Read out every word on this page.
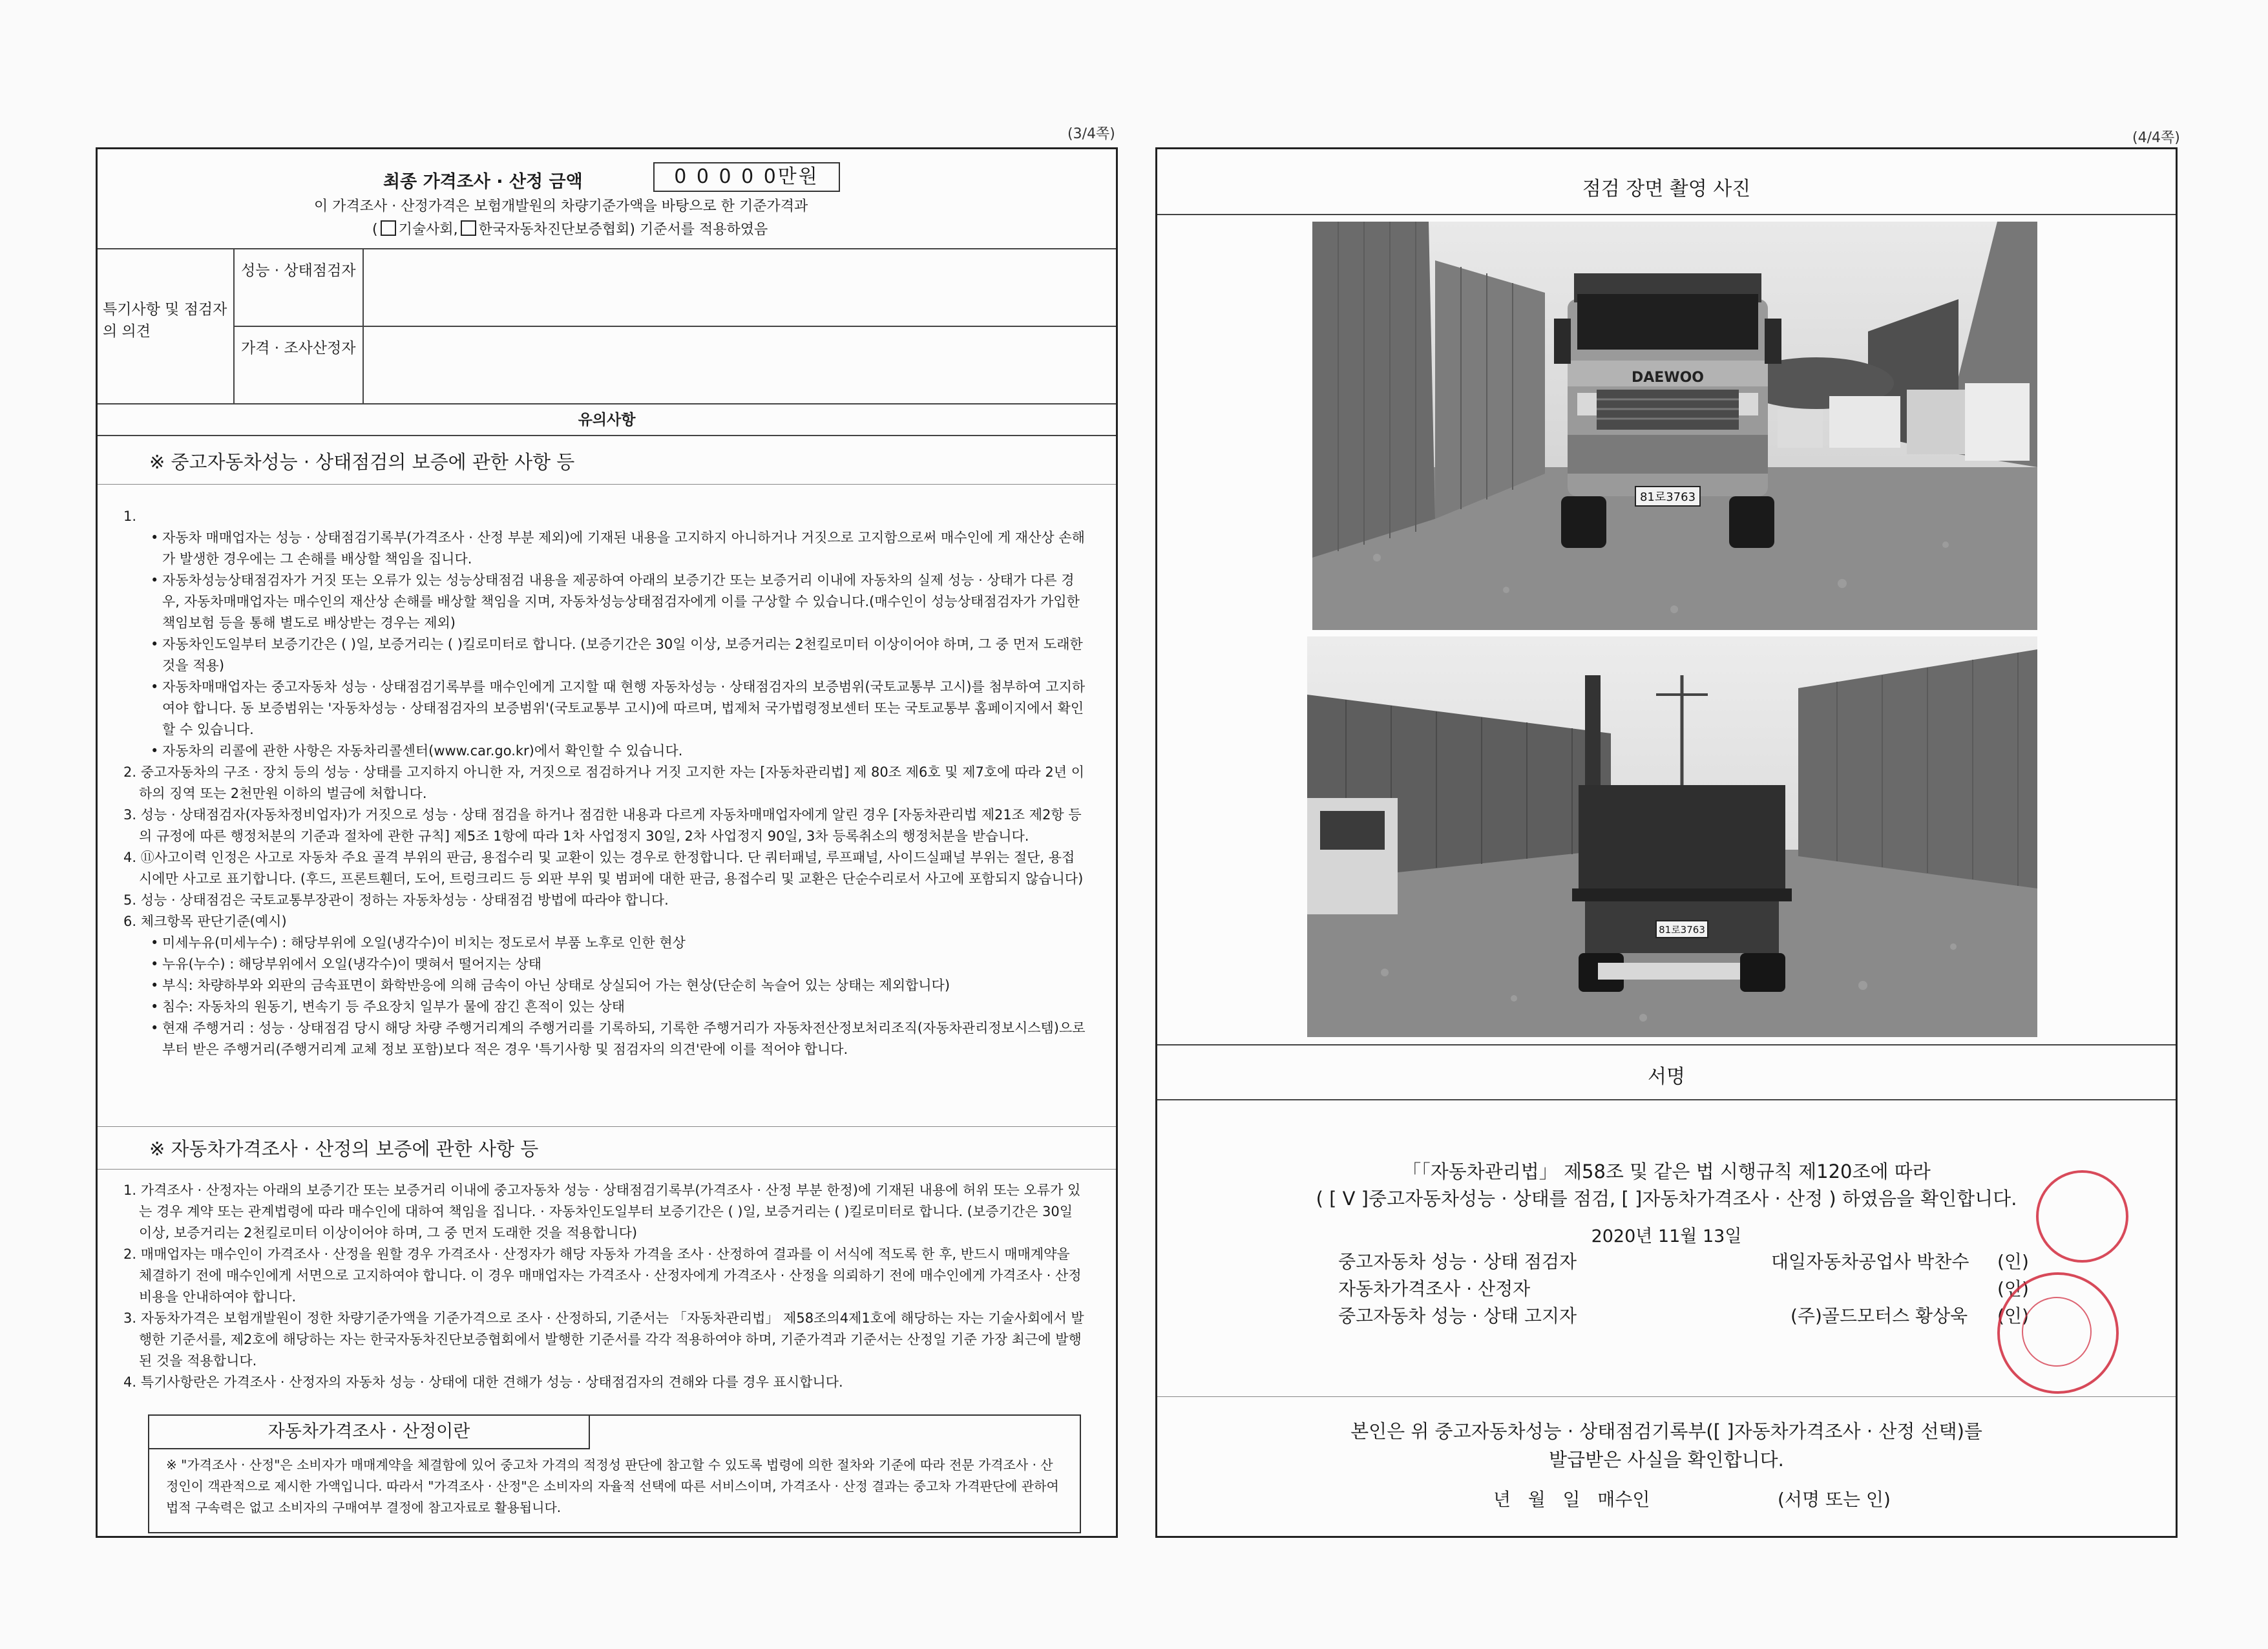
(3/4쪽)	(4/4쪽)
최종 가격조사 · 산정 금액	0 0 0 0 0만원
이 가격조사 · 산정가격은 보험개발원의 차량기준가액을 바탕으로 한 기준가격과
( 기술사회, 한국자동차진단보증협회) 기준서를 적용하였음
특기사항 및 점검자의 의견
성능 · 상태점검자
가격 · 조사산정자
유의사항
※ 중고자동차성능 · 상태점검의 보증에 관한 사항 등
1.
• 자동차 매매업자는 성능 · 상태점검기록부(가격조사 · 산정 부분 제외)에 기재된 내용을 고지하지 아니하거나 거짓으로 고지함으로써 매수인에 게 재산상 손해가 발생한 경우에는 그 손해를 배상할 책임을 집니다.
• 자동차성능상태점검자가 거짓 또는 오류가 있는 성능상태점검 내용을 제공하여 아래의 보증기간 또는 보증거리 이내에 자동차의 실제 성능 · 상태가 다른 경우, 자동차매매업자는 매수인의 재산상 손해를 배상할 책임을 지며, 자동차성능상태점검자에게 이를 구상할 수 있습니다.(매수인이 성능상태점검자가 가입한 책임보험 등을 통해 별도로 배상받는 경우는 제외)
• 자동차인도일부터 보증기간은 ( )일, 보증거리는 ( )킬로미터로 합니다. (보증기간은 30일 이상, 보증거리는 2천킬로미터 이상이어야 하며, 그 중 먼저 도래한 것을 적용)
• 자동차매매업자는 중고자동차 성능 · 상태점검기록부를 매수인에게 고지할 때 현행 자동차성능 · 상태점검자의 보증범위(국토교통부 고시)를 첨부하여 고지하여야 합니다. 동 보증범위는 '자동차성능 · 상태점검자의 보증범위'(국토교통부 고시)에 따르며, 법제처 국가법령정보센터 또는 국토교통부 홈페이지에서 확인할 수 있습니다.
• 자동차의 리콜에 관한 사항은 자동차리콜센터(www.car.go.kr)에서 확인할 수 있습니다.
2. 중고자동차의 구조 · 장치 등의 성능 · 상태를 고지하지 아니한 자, 거짓으로 점검하거나 거짓 고지한 자는 [자동차관리법] 제 80조 제6호 및 제7호에 따라 2년 이하의 징역 또는 2천만원 이하의 벌금에 처합니다.
3. 성능 · 상태점검자(자동차정비업자)가 거짓으로 성능 · 상태 점검을 하거나 점검한 내용과 다르게 자동차매매업자에게 알린 경우 [자동차관리법 제21조 제2항 등의 규정에 따른 행정처분의 기준과 절차에 관한 규칙] 제5조 1항에 따라 1차 사업정지 30일, 2차 사업정지 90일, 3차 등록취소의 행정처분을 받습니다.
4. ⑪사고이력 인정은 사고로 자동차 주요 골격 부위의 판금, 용접수리 및 교환이 있는 경우로 한정합니다. 단 쿼터패널, 루프패널, 사이드실패널 부위는 절단, 용접 시에만 사고로 표기합니다. (후드, 프론트휀더, 도어, 트렁크리드 등 외판 부위 및 범퍼에 대한 판금, 용접수리 및 교환은 단순수리로서 사고에 포함되지 않습니다)
5. 성능 · 상태점검은 국토교통부장관이 정하는 자동차성능 · 상태점검 방법에 따라야 합니다.
6. 체크항목 판단기준(예시)
• 미세누유(미세누수) : 해당부위에 오일(냉각수)이 비치는 정도로서 부품 노후로 인한 현상
• 누유(누수) : 해당부위에서 오일(냉각수)이 맺혀서 떨어지는 상태
• 부식: 차량하부와 외판의 금속표면이 화학반응에 의해 금속이 아닌 상태로 상실되어 가는 현상(단순히 녹슬어 있는 상태는 제외합니다)
• 침수: 자동차의 원동기, 변속기 등 주요장치 일부가 물에 잠긴 흔적이 있는 상태
• 현재 주행거리 : 성능 · 상태점검 당시 해당 차량 주행거리계의 주행거리를 기록하되, 기록한 주행거리가 자동차전산정보처리조직(자동차관리정보시스템)으로부터 받은 주행거리(주행거리계 교체 정보 포함)보다 적은 경우 '특기사항 및 점검자의 의견'란에 이를 적어야 합니다.
※ 자동차가격조사 · 산정의 보증에 관한 사항 등
1. 가격조사 · 산정자는 아래의 보증기간 또는 보증거리 이내에 중고자동차 성능 · 상태점검기록부(가격조사 · 산정 부분 한정)에 기재된 내용에 허위 또는 오류가 있는 경우 계약 또는 관계법령에 따라 매수인에 대하여 책임을 집니다. · 자동차인도일부터 보증기간은 ( )일, 보증거리는 ( )킬로미터로 합니다. (보증기간은 30일 이상, 보증거리는 2천킬로미터 이상이어야 하며, 그 중 먼저 도래한 것을 적용합니다)
2. 매매업자는 매수인이 가격조사 · 산정을 원할 경우 가격조사 · 산정자가 해당 자동차 가격을 조사 · 산정하여 결과를 이 서식에 적도록 한 후, 반드시 매매계약을 체결하기 전에 매수인에게 서면으로 고지하여야 합니다. 이 경우 매매업자는 가격조사 · 산정자에게 가격조사 · 산정을 의뢰하기 전에 매수인에게 가격조사 · 산정 비용을 안내하여야 합니다.
3. 자동차가격은 보험개발원이 정한 차량기준가액을 기준가격으로 조사 · 산정하되, 기준서는 「자동차관리법」 제58조의4제1호에 해당하는 자는 기술사회에서 발행한 기준서를, 제2호에 해당하는 자는 한국자동차진단보증협회에서 발행한 기준서를 각각 적용하여야 하며, 기준가격과 기준서는 산정일 기준 가장 최근에 발행된 것을 적용합니다.
4. 특기사항란은 가격조사 · 산정자의 자동차 성능 · 상태에 대한 견해가 성능 · 상태점검자의 견해와 다를 경우 표시합니다.
자동차가격조사 · 산정이란
※ "가격조사 · 산정"은 소비자가 매매계약을 체결함에 있어 중고차 가격의 적정성 판단에 참고할 수 있도록 법령에 의한 절차와 기준에 따라 전문 가격조사 · 산정인이 객관적으로 제시한 가액입니다. 따라서 "가격조사 · 산정"은 소비자의 자율적 선택에 따른 서비스이며, 가격조사 · 산정 결과는 중고차 가격판단에 관하여 법적 구속력은 없고 소비자의 구매여부 결정에 참고자료로 활용됩니다.
점검 장면 촬영 사진
DAEWOO
81로3763
81로3763
서명
「「자동차관리법」 제58조 및 같은 법 시행규칙 제120조에 따라
( [ V ]중고자동차성능 · 상태를 점검, [ ]자동차가격조사 · 산정 ) 하였음을 확인합니다.
2020년 11월 13일
중고자동차 성능 · 상태 점검자	대일자동차공업사 박찬수 (인)
자동차가격조사 · 산정자	(인)
중고자동차 성능 · 상태 고지자	(주)골드모터스 황상욱 (인)
본인은 위 중고자동차성능 · 상태점검기록부([ ]자동차가격조사 · 산정 선택)를
발급받은 사실을 확인합니다.
년   월   일   매수인	(서명 또는 인)
